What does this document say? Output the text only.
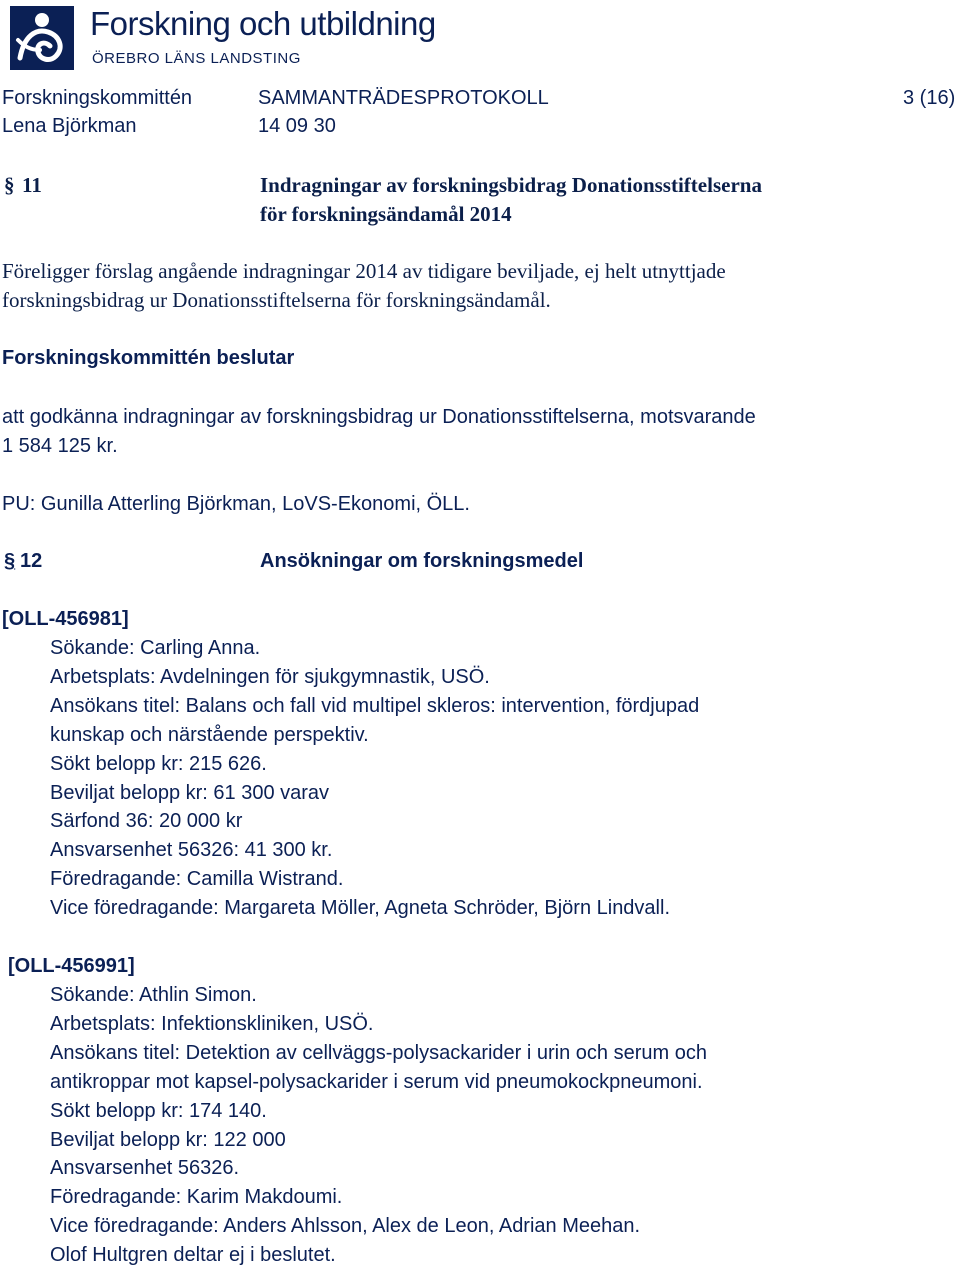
Forskning och utbildning
ÖREBRO LÄNS LANDSTING
Forskningskommittén	SAMMANTRÄDESPROTOKOLL	3 (16)
Lena Björkman	14 09 30
§ 11	Indragningar av forskningsbidrag Donationsstiftelserna
för forskningsändamål 2014
Föreligger förslag angående indragningar 2014 av tidigare beviljade, ej helt utnyttjade
forskningsbidrag ur Donationsstiftelserna för forskningsändamål.
Forskningskommittén beslutar
att godkänna indragningar av forskningsbidrag ur Donationsstiftelserna, motsvarande
1 584 125 kr.
PU: Gunilla Atterling Björkman, LoVS-Ekonomi, ÖLL.
§ 12	Ansökningar om forskningsmedel
[OLL-456981]
Sökande: Carling Anna.
Arbetsplats: Avdelningen för sjukgymnastik, USÖ.
Ansökans titel: Balans och fall vid multipel skleros: intervention, fördjupad
kunskap och närstående perspektiv.
Sökt belopp kr: 215 626.
Beviljat belopp kr: 61 300 varav
Särfond 36: 20 000 kr
Ansvarsenhet 56326: 41 300 kr.
Föredragande: Camilla Wistrand.
Vice föredragande: Margareta Möller, Agneta Schröder, Björn Lindvall.
[OLL-456991]
Sökande: Athlin Simon.
Arbetsplats: Infektionskliniken, USÖ.
Ansökans titel: Detektion av cellväggs-polysackarider i urin och serum och
antikroppar mot kapsel-polysackarider i serum vid pneumokockpneumoni.
Sökt belopp kr: 174 140.
Beviljat belopp kr: 122 000
Ansvarsenhet 56326.
Föredragande: Karim Makdoumi.
Vice föredragande: Anders Ahlsson, Alex de Leon, Adrian Meehan.
Olof Hultgren deltar ej i beslutet.
